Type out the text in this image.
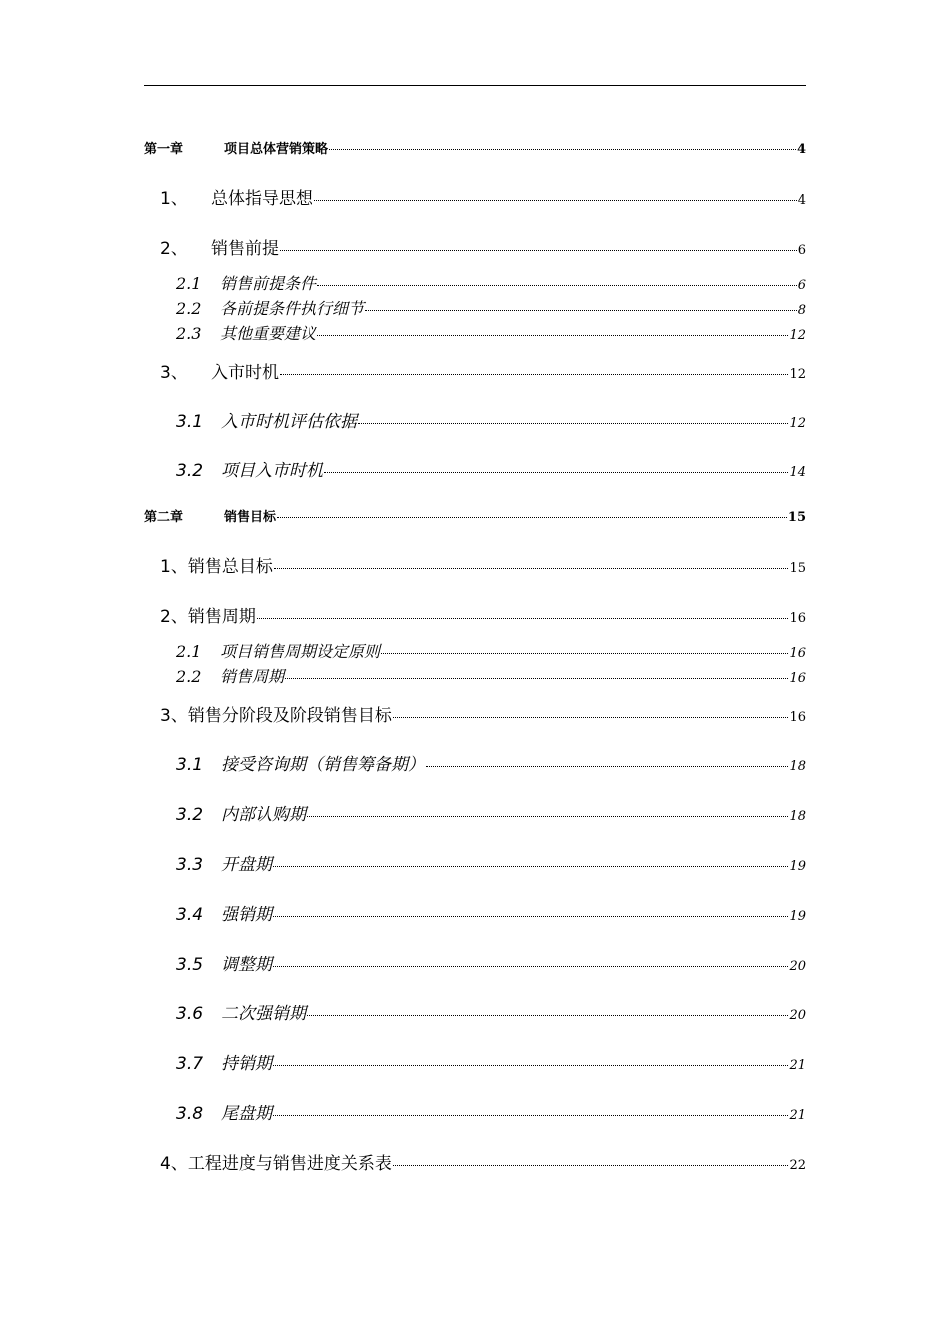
第一章	项目总体营销策略	4
1、	总体指导思想	4
2、	销售前提	6
2.1	销售前提条件	6
2.2	各前提条件执行细节	8
2.3	其他重要建议	12
3、	入市时机	12
3.1	入市时机评估依据	12
3.2	项目入市时机	14
第二章	销售目标	15
1、 销售总目标	15
2、 销售周期	16
2.1	项目销售周期设定原则	16
2.2	销售周期	16
3、 销售分阶段及阶段销售目标	16
3.1	接受咨询期（销售筹备期）	18
3.2	内部认购期	18
3.3	开盘期	19
3.4	强销期	19
3.5	调整期	20
3.6	二次强销期	20
3.7	持销期	21
3.8	尾盘期	21
4、 工程进度与销售进度关系表	22
